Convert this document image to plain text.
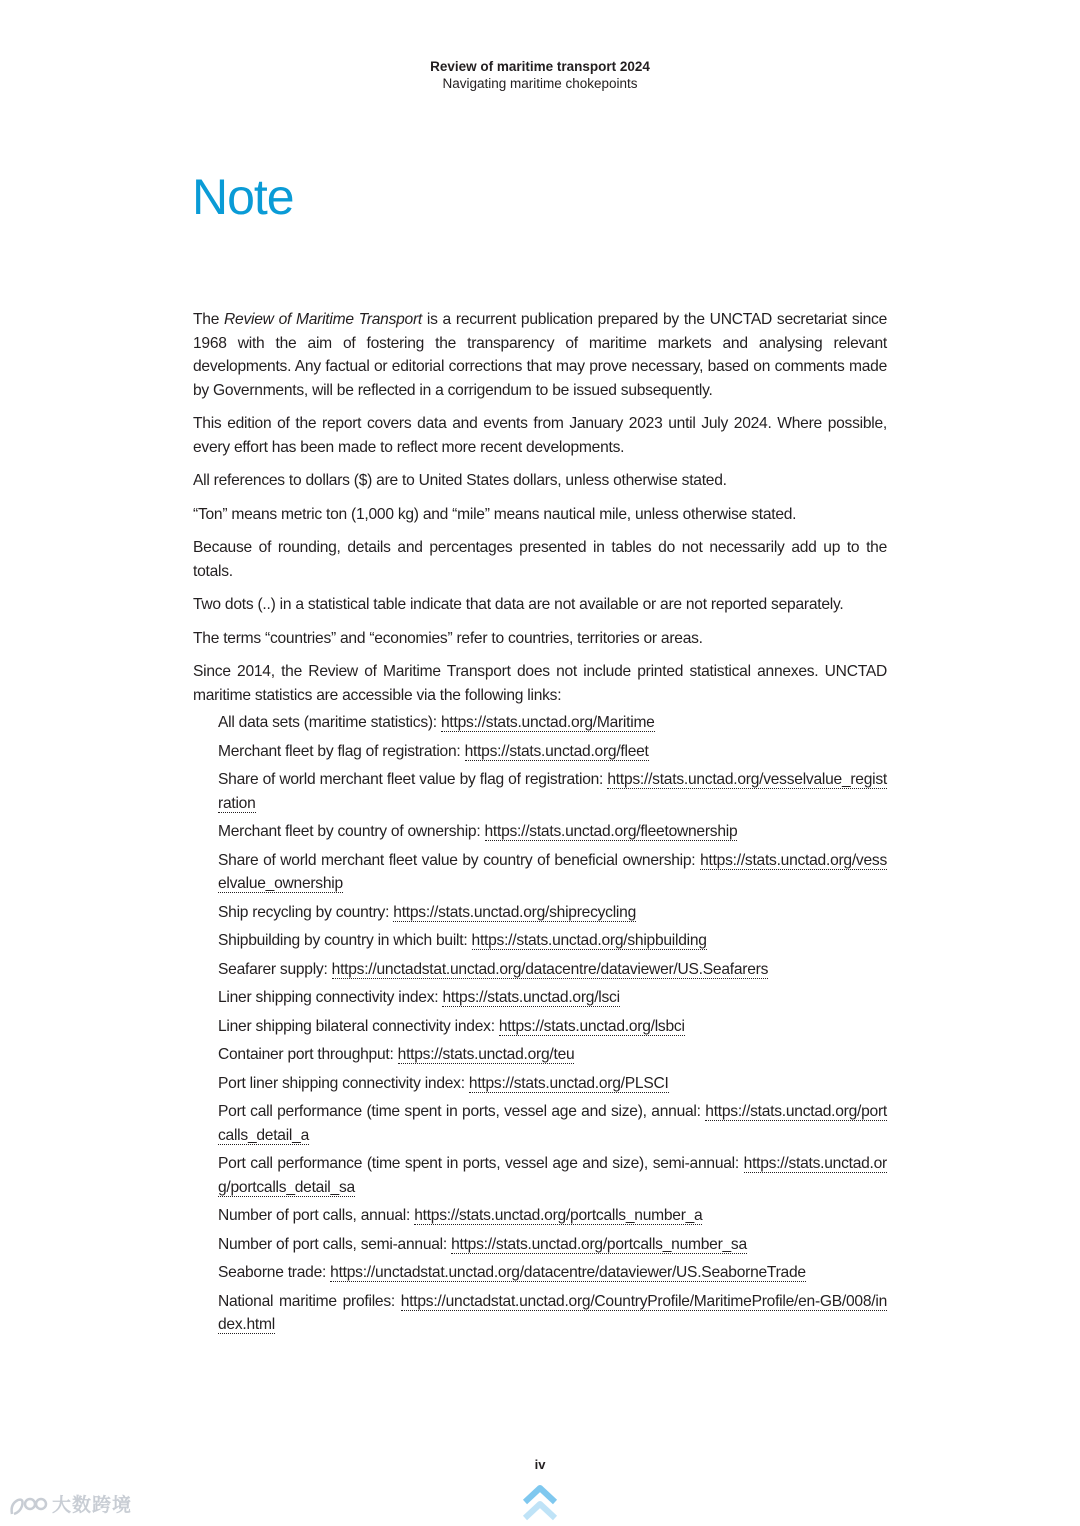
Review of maritime transport 2024
Navigating maritime chokepoints
Note

The Review of Maritime Transport is a recurrent publication prepared by the UNCTAD secretariat since 1968 with the aim of fostering the transparency of maritime markets and analysing relevant developments. Any factual or editorial corrections that may prove necessary, based on comments made by Governments, will be reflected in a corrigendum to be issued subsequently.

This edition of the report covers data and events from January 2023 until July 2024. Where possible, every effort has been made to reflect more recent developments.

All references to dollars ($) are to United States dollars, unless otherwise stated.

“Ton” means metric ton (1,000 kg) and “mile” means nautical mile, unless otherwise stated.

Because of rounding, details and percentages presented in tables do not necessarily add up to the totals.

Two dots (..) in a statistical table indicate that data are not available or are not reported separately.

The terms “countries” and “economies” refer to countries, territories or areas.

Since 2014, the Review of Maritime Transport does not include printed statistical annexes. UNCTAD maritime statistics are accessible via the following links:

All data sets (maritime statistics): https://stats.unctad.org/Maritime
Merchant fleet by flag of registration: https://stats.unctad.org/fleet
Share of world merchant fleet value by flag of registration: https://stats.unctad.org/vesselvalue_registration
Merchant fleet by country of ownership: https://stats.unctad.org/fleetownership
Share of world merchant fleet value by country of beneficial ownership: https://stats.unctad.org/vesselvalue_ownership
Ship recycling by country: https://stats.unctad.org/shiprecycling
Shipbuilding by country in which built: https://stats.unctad.org/shipbuilding
Seafarer supply: https://unctadstat.unctad.org/datacentre/dataviewer/US.Seafarers
Liner shipping connectivity index: https://stats.unctad.org/lsci
Liner shipping bilateral connectivity index: https://stats.unctad.org/lsbci
Container port throughput: https://stats.unctad.org/teu
Port liner shipping connectivity index: https://stats.unctad.org/PLSCI
Port call performance (time spent in ports, vessel age and size), annual: https://stats.unctad.org/portcalls_detail_a
Port call performance (time spent in ports, vessel age and size), semi-annual: https://stats.unctad.org/portcalls_detail_sa
Number of port calls, annual: https://stats.unctad.org/portcalls_number_a
Number of port calls, semi-annual: https://stats.unctad.org/portcalls_number_sa
Seaborne trade: https://unctadstat.unctad.org/datacentre/dataviewer/US.SeaborneTrade
National maritime profiles: https://unctadstat.unctad.org/CountryProfile/MaritimeProfile/en-GB/008/index.html
iv
大数跨境
